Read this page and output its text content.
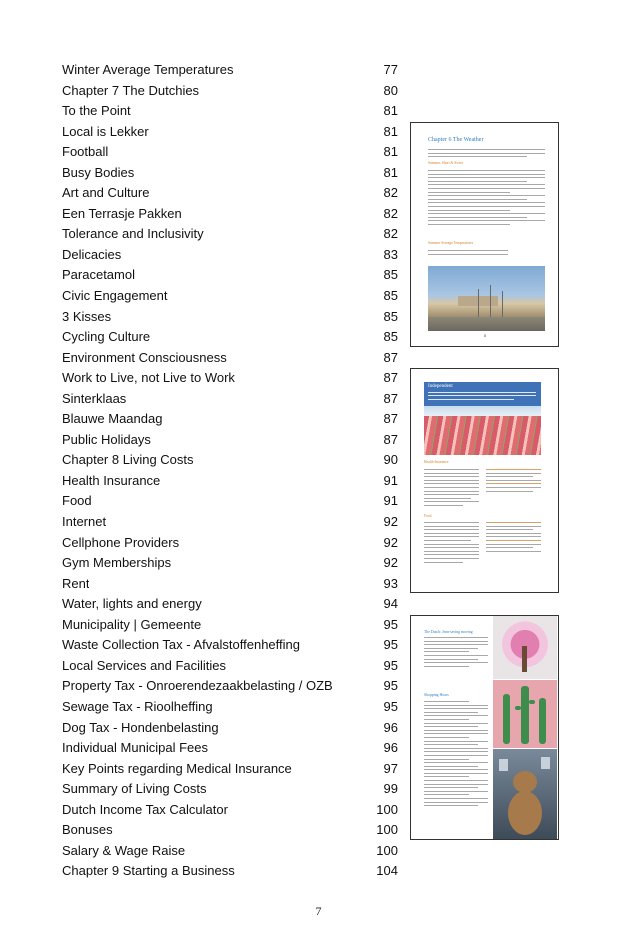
Winter Average Temperatures	77
Chapter 7 The Dutchies	80
To the Point	81
Local is Lekker	81
Football	81
Busy Bodies	81
Art and Culture	82
Een Terrasje Pakken	82
Tolerance and Inclusivity	82
Delicacies	83
Paracetamol	85
Civic Engagement	85
3 Kisses	85
Cycling Culture	85
Environment Consciousness	87
Work to Live, not Live to Work	87
Sinterklaas	87
Blauwe Maandag	87
Public Holidays	87
Chapter 8 Living Costs	90
Health Insurance	91
Food	91
Internet	92
Cellphone Providers	92
Gym Memberships	92
Rent	93
Water, lights and energy	94
Municipality | Gemeente	95
Waste Collection Tax - Afvalstoffenheffing	95
Local Services and Facilities	95
Property Tax - Onroerendezaakbelasting / OZB	95
Sewage Tax - Rioolheffing	95
Dog Tax - Hondenbelasting	96
Individual Municipal Fees	96
Key Points regarding Medical Insurance	97
Summary of Living Costs	99
Dutch Income Tax Calculator	100
Bonuses	100
Salary & Wage Raise	100
Chapter 9 Starting a Business	104
7
Chapter 6 The Weather
Summer, Short & Sweet
Summer Average Temperatures
8
Independent
Health Insurance
Food
The Dutch: Jean-saving moving
Shopping Hours
